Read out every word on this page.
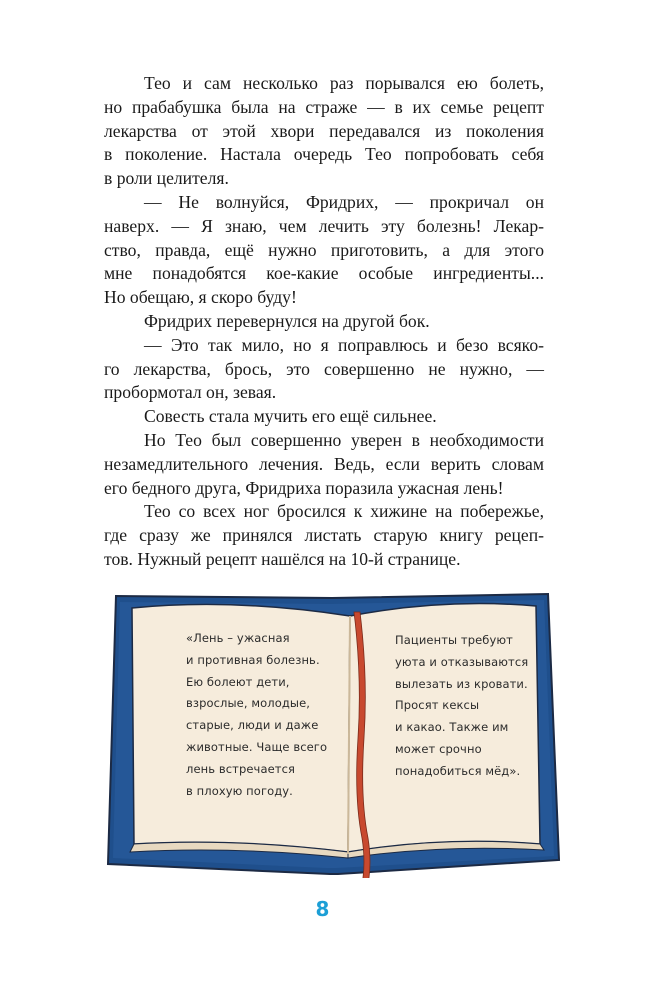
Тео и сам несколько раз порывался ею болеть,
но прабабушка была на страже — в их семье рецепт
лекарства от этой хвори передавался из поколения
в поколение. Настала очередь Тео попробовать себя
в роли целителя.

— Не волнуйся, Фридрих, — прокричал он
наверх. — Я знаю, чем лечить эту болезнь! Лекар-
ство, правда, ещё нужно приготовить, а для этого
мне понадобятся кое-какие особые ингредиенты...
Но обещаю, я скоро буду!

Фридрих перевернулся на другой бок.

— Это так мило, но я поправлюсь и безо всяко-
го лекарства, брось, это совершенно не нужно, —
пробормотал он, зевая.

Совесть стала мучить его ещё сильнее.

Но Тео был совершенно уверен в необходимости
незамедлительного лечения. Ведь, если верить словам
его бедного друга, Фридриха поразила ужасная лень!

Тео со всех ног бросился к хижине на побережье,
где сразу же принялся листать старую книгу рецеп-
тов. Нужный рецепт нашёлся на 10-й странице.

«Лень – ужасная
и противная болезнь.
Ею болеют дети,
взрослые, молодые,
старые, люди и даже
животные. Чаще всего
лень встречается
в плохую погоду.
Пациенты требуют
уюта и отказываются
вылезать из кровати.
Просят кексы
и какао. Также им
может срочно
понадобиться мёд».
8
